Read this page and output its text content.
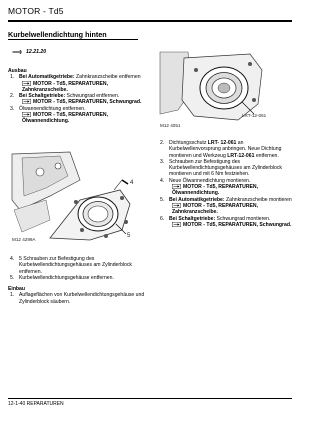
MOTOR - Td5
Kurbelwellendichtung hinten
12.21.20
Ausbau
1. Bei Automatikgetriebe: Zahnkranzscheibe entfernen
MOTOR - Td5, REPARATUREN, Zahnkranzscheibe.
2. Bei Schaltgetriebe: Schwungrad entfernen.
MOTOR - Td5, REPARATUREN, Schwungrad.
3. Ölwannendichtung entfernen.
MOTOR - Td5, REPARATUREN, Ölwannendichtung.
M12 4299A
4
5
4. 5 Schrauben zur Befestigung des Kurbelwellendichtungsgehäuses am Zylinderblock entfernen.
5. Kurbelwellendichtungsgehäuse entfernen.
Einbau
1. Auflageflächen von Kurbelwellendichtungsgehäuse und Zylinderblock säubern.
M12 4051
LRT-12-061
2. Dichtungsschutz LRT- 12-061 an Kurbelwellenvorsprung anbringen. Neue Dichtung montieren und Werkzeug LRT-12-061 entfernen.
3. Schrauben zur Befestigung des Kurbelwellendichtungsgehäuses am Zylinderblock montieren und mit 6 Nm festziehen.
4. Neue Ölwannendichtung montieren.
MOTOR - Td5, REPARATUREN, Ölwannendichtung.
5. Bei Automatikgetriebe: Zahnkranzscheibe montieren
MOTOR - Td5, REPARATUREN, Zahnkranzscheibe.
6. Bei Schaltgetriebe: Schwungrad montieren.
MOTOR - Td5, REPARATUREN, Schwungrad.
12-1-40 REPARATUREN
